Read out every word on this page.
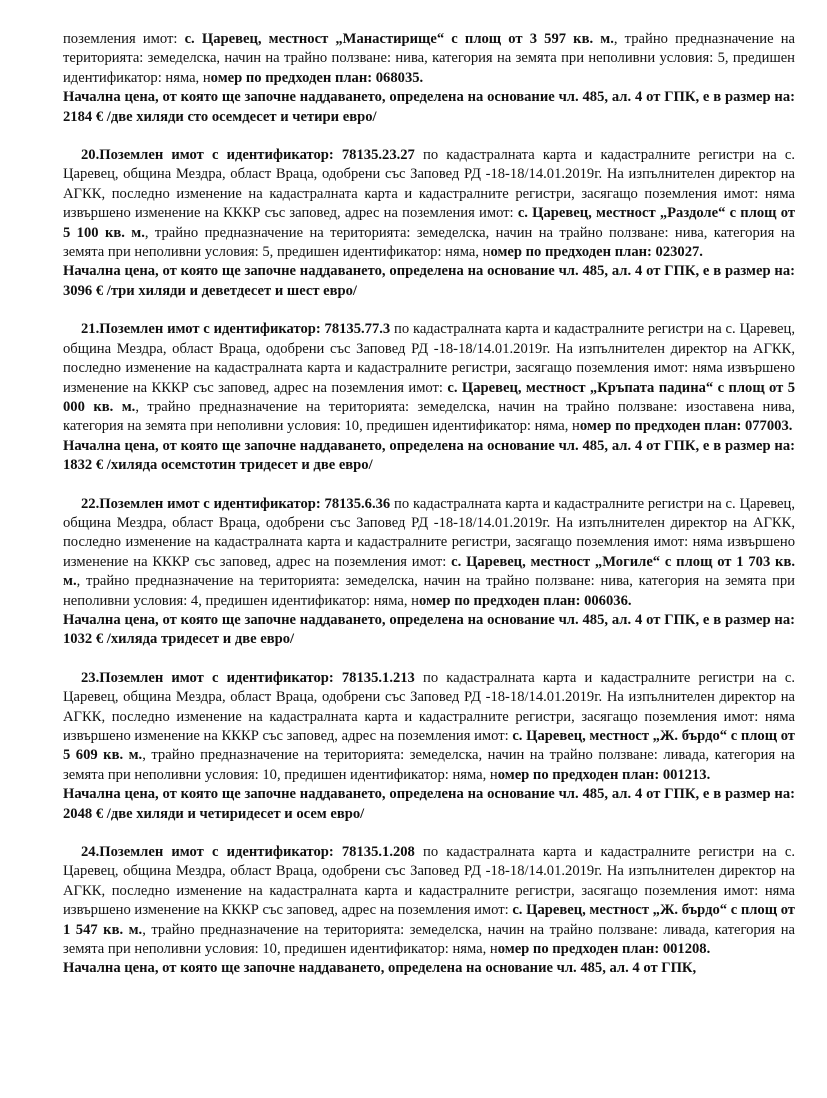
поземления имот: с. Царевец, местност „Манастирище“ с площ от 3 597 кв. м., трайно предназначение на територията: земеделска, начин на трайно ползване: нива, категория на земята при неполивни условия: 5, предишен идентификатор: няма, номер по предходен план: 068035.

Начална цена, от която ще започне наддаването, определена на основание чл. 485, ал. 4 от ГПК, е в размер на: 2184 € /две хиляди сто осемдесет и четири евро/

20.Поземлен имот с идентификатор: 78135.23.27 по кадастралната карта и кадастралните регистри на с. Царевец, община Мездра, област Враца, одобрени със Заповед РД -18-18/14.01.2019г. На изпълнителен директор на АГКК, последно изменение на кадастралната карта и кадастралните регистри, засягащо поземления имот: няма извършено изменение на КККР със заповед, адрес на поземления имот: с. Царевец, местност „Раздоле“ с площ от 5 100 кв. м., трайно предназначение на територията: земеделска, начин на трайно ползване: нива, категория на земята при неполивни условия: 5, предишен идентификатор: няма, номер по предходен план: 023027.

Начална цена, от която ще започне наддаването, определена на основание чл. 485, ал. 4 от ГПК, е в размер на: 3096 € /три хиляди и деветдесет и шест евро/

21.Поземлен имот с идентификатор: 78135.77.3 по кадастралната карта и кадастралните регистри на с. Царевец, община Мездра, област Враца, одобрени със Заповед РД -18-18/14.01.2019г. На изпълнителен директор на АГКК, последно изменение на кадастралната карта и кадастралните регистри, засягащо поземления имот: няма извършено изменение на КККР със заповед, адрес на поземления имот: с. Царевец, местност „Кръпата падина“ с площ от 5 000 кв. м., трайно предназначение на територията: земеделска, начин на трайно ползване: изоставена нива, категория на земята при неполивни условия: 10, предишен идентификатор: няма, номер по предходен план: 077003.

Начална цена, от която ще започне наддаването, определена на основание чл. 485, ал. 4 от ГПК, е в размер на: 1832 € /хиляда осемстотин тридесет и две евро/

22.Поземлен имот с идентификатор: 78135.6.36 по кадастралната карта и кадастралните регистри на с. Царевец, община Мездра, област Враца, одобрени със Заповед РД -18-18/14.01.2019г. На изпълнителен директор на АГКК, последно изменение на кадастралната карта и кадастралните регистри, засягащо поземления имот: няма извършено изменение на КККР със заповед, адрес на поземления имот: с. Царевец, местност „Могиле“ с площ от 1 703 кв. м., трайно предназначение на територията: земеделска, начин на трайно ползване: нива, категория на земята при неполивни условия: 4, предишен идентификатор: няма, номер по предходен план: 006036.

Начална цена, от която ще започне наддаването, определена на основание чл. 485, ал. 4 от ГПК, е в размер на: 1032 € /хиляда тридесет и две евро/

23.Поземлен имот с идентификатор: 78135.1.213 по кадастралната карта и кадастралните регистри на с. Царевец, община Мездра, област Враца, одобрени със Заповед РД -18-18/14.01.2019г. На изпълнителен директор на АГКК, последно изменение на кадастралната карта и кадастралните регистри, засягащо поземления имот: няма извършено изменение на КККР със заповед, адрес на поземления имот: с. Царевец, местност „Ж. бърдо“ с площ от 5 609 кв. м., трайно предназначение на територията: земеделска, начин на трайно ползване: ливада, категория на земята при неполивни условия: 10, предишен идентификатор: няма, номер по предходен план: 001213.

Начална цена, от която ще започне наддаването, определена на основание чл. 485, ал. 4 от ГПК, е в размер на: 2048 € /две хиляди и четиридесет и осем евро/

24.Поземлен имот с идентификатор: 78135.1.208 по кадастралната карта и кадастралните регистри на с. Царевец, община Мездра, област Враца, одобрени със Заповед РД -18-18/14.01.2019г. На изпълнителен директор на АГКК, последно изменение на кадастралната карта и кадастралните регистри, засягащо поземления имот: няма извършено изменение на КККР със заповед, адрес на поземления имот: с. Царевец, местност „Ж. бърдо“ с площ от 1 547 кв. м., трайно предназначение на територията: земеделска, начин на трайно ползване: ливада, категория на земята при неполивни условия: 10, предишен идентификатор: няма, номер по предходен план: 001208.

Начална цена, от която ще започне наддаването, определена на основание чл. 485, ал. 4 от ГПК,
